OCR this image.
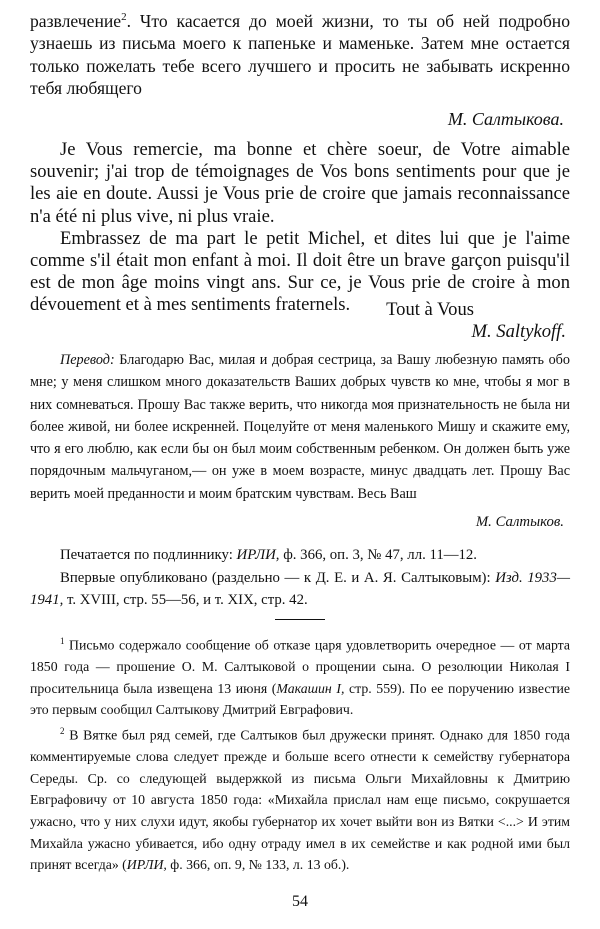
развлечение$^2$. Что касается до моей жизни, то ты об ней подробно узнаешь из письма моего к папеньке и маменьке. Затем мне остается только пожелать тебе всего лучшего и просить не забывать искренно тебя любящего

М. Салтыкова.

Je Vous remercie, ma bonne et chère soeur, de Votre aimable souvenir; j'ai trop de témoignages de Vos bons sentiments pour que je les aie en doute. Aussi je Vous prie de croire que jamais reconnaissance n'a été ni plus vive, ni plus vraie.

Embrassez de ma part le petit Michel, et dites lui que je l'aime comme s'il était mon enfant à moi. Il doit être un brave garçon puisqu'il est de mon âge moins vingt ans. Sur ce, je Vous prie de croire à mon dévouement et à mes sentiments fraternels.	Tout à Vous
M. Saltykoff.

Перевод: Благодарю Вас, милая и добрая сестрица, за Вашу любезную память обо мне; у меня слишком много доказательств Ваших добрых чувств ко мне, чтобы я мог в них сомневаться. Прошу Вас также верить, что никогда моя признательность не была ни более живой, ни более искренней. Поцелуйте от меня маленького Мишу и скажите ему, что я его люблю, как если бы он был моим собственным ребенком. Он должен быть уже порядочным мальчуганом,— он уже в моем возрасте, минус двадцать лет. Прошу Вас верить моей преданности и моим братским чувствам. Весь Ваш

М. Салтыков.
Печатается по подлиннику: ИРЛИ, ф. 366, оп. 3, № 47, лл. 11—12.
Впервые опубликовано (раздельно — к Д. Е. и А. Я. Салтыковым): Изд. 1933—1941, т. XVIII, стр. 55—56, и т. XIX, стр. 42.

$^1$ Письмо содержало сообщение об отказе царя удовлетворить очередное — от марта 1850 года — прошение О. М. Салтыковой о прощении сына. О резолюции Николая I просительница была извещена 13 июня (Макашин I, стр. 559). По ее поручению известие это первым сообщил Салтыкову Дмитрий Евграфович.

$^2$ В Вятке был ряд семей, где Салтыков был дружески принят. Однако для 1850 года комментируемые слова следует прежде и больше всего отнести к семейству губернатора Середы. Ср. со следующей выдержкой из письма Ольги Михайловны к Дмитрию Евграфовичу от 10 августа 1850 года: «Михайла прислал нам еще письмо, сокрушается ужасно, что у них слухи идут, якобы губернатор их хочет выйти вон из Вятки <...> И этим Михайла ужасно убивается, ибо одну отраду имел в их семействе и как родной ими был принят всегда» (ИРЛИ, ф. 366, оп. 9, № 133, л. 13 об.).

54
